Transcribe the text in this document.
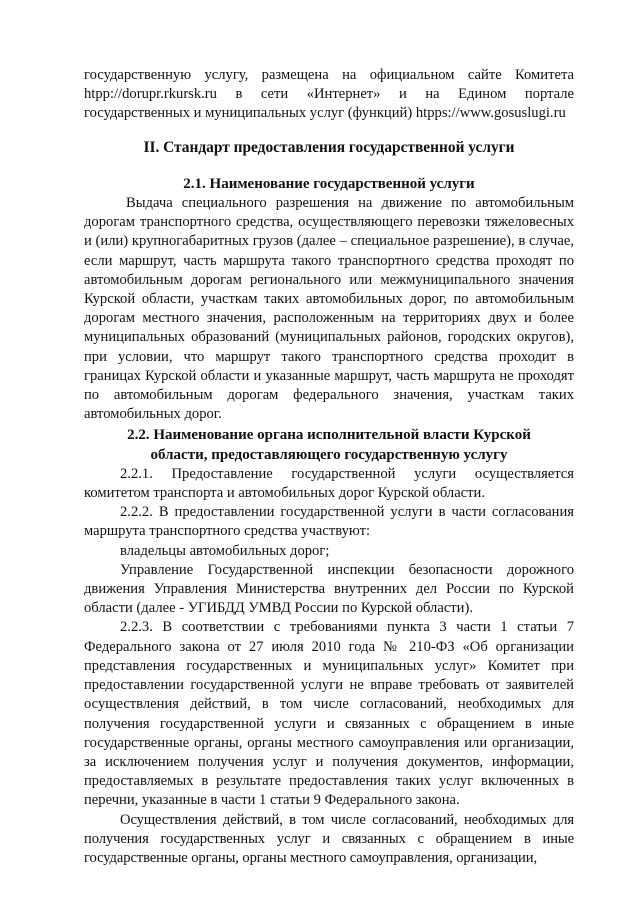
государственную услугу, размещена на официальном сайте Комитета htpp://dorupr.rkursk.ru в сети «Интернет» и на Едином портале государственных и муниципальных услуг (функций) htpps://www.gosuslugi.ru

II. Стандарт предоставления государственной услуги

2.1. Наименование государственной услуги

Выдача специального разрешения на движение по автомобильным дорогам транспортного средства, осуществляющего перевозки тяжеловесных и (или) крупногабаритных грузов (далее – специальное разрешение), в случае, если маршрут, часть маршрута такого транспортного средства проходят по автомобильным дорогам регионального или межмуниципального значения Курской области, участкам таких автомобильных дорог, по автомобильным дорогам местного значения, расположенным на территориях двух и более муниципальных образований (муниципальных районов, городских округов), при условии, что маршрут такого транспортного средства проходит в границах Курской области и указанные маршрут, часть маршрута не проходят по автомобильным дорогам федерального значения, участкам таких автомобильных дорог.

2.2. Наименование органа исполнительной власти Курской

области, предоставляющего государственную услугу

2.2.1. Предоставление государственной услуги осуществляется комитетом транспорта и автомобильных дорог Курской области.

2.2.2. В предоставлении государственной услуги в части согласования маршрута транспортного средства участвуют:

владельцы автомобильных дорог;

Управление Государственной инспекции безопасности дорожного движения Управления Министерства внутренних дел России по Курской области (далее - УГИБДД УМВД России по Курской области).

2.2.3. В соответствии с требованиями пункта 3 части 1 статьи 7 Федерального закона от 27 июля 2010 года № 210-ФЗ «Об организации представления государственных и муниципальных услуг» Комитет при предоставлении государственной услуги не вправе требовать от заявителей осуществления действий, в том числе согласований, необходимых для получения государственной услуги и связанных с обращением в иные государственные органы, органы местного самоуправления или организации, за исключением получения услуг и получения документов, информации, предоставляемых в результате предоставления таких услуг включенных в перечни, указанные в части 1 статьи 9 Федерального закона.

Осуществления действий, в том числе согласований, необходимых для получения государственных услуг и связанных с обращением в иные государственные органы, органы местного самоуправления, организации,
